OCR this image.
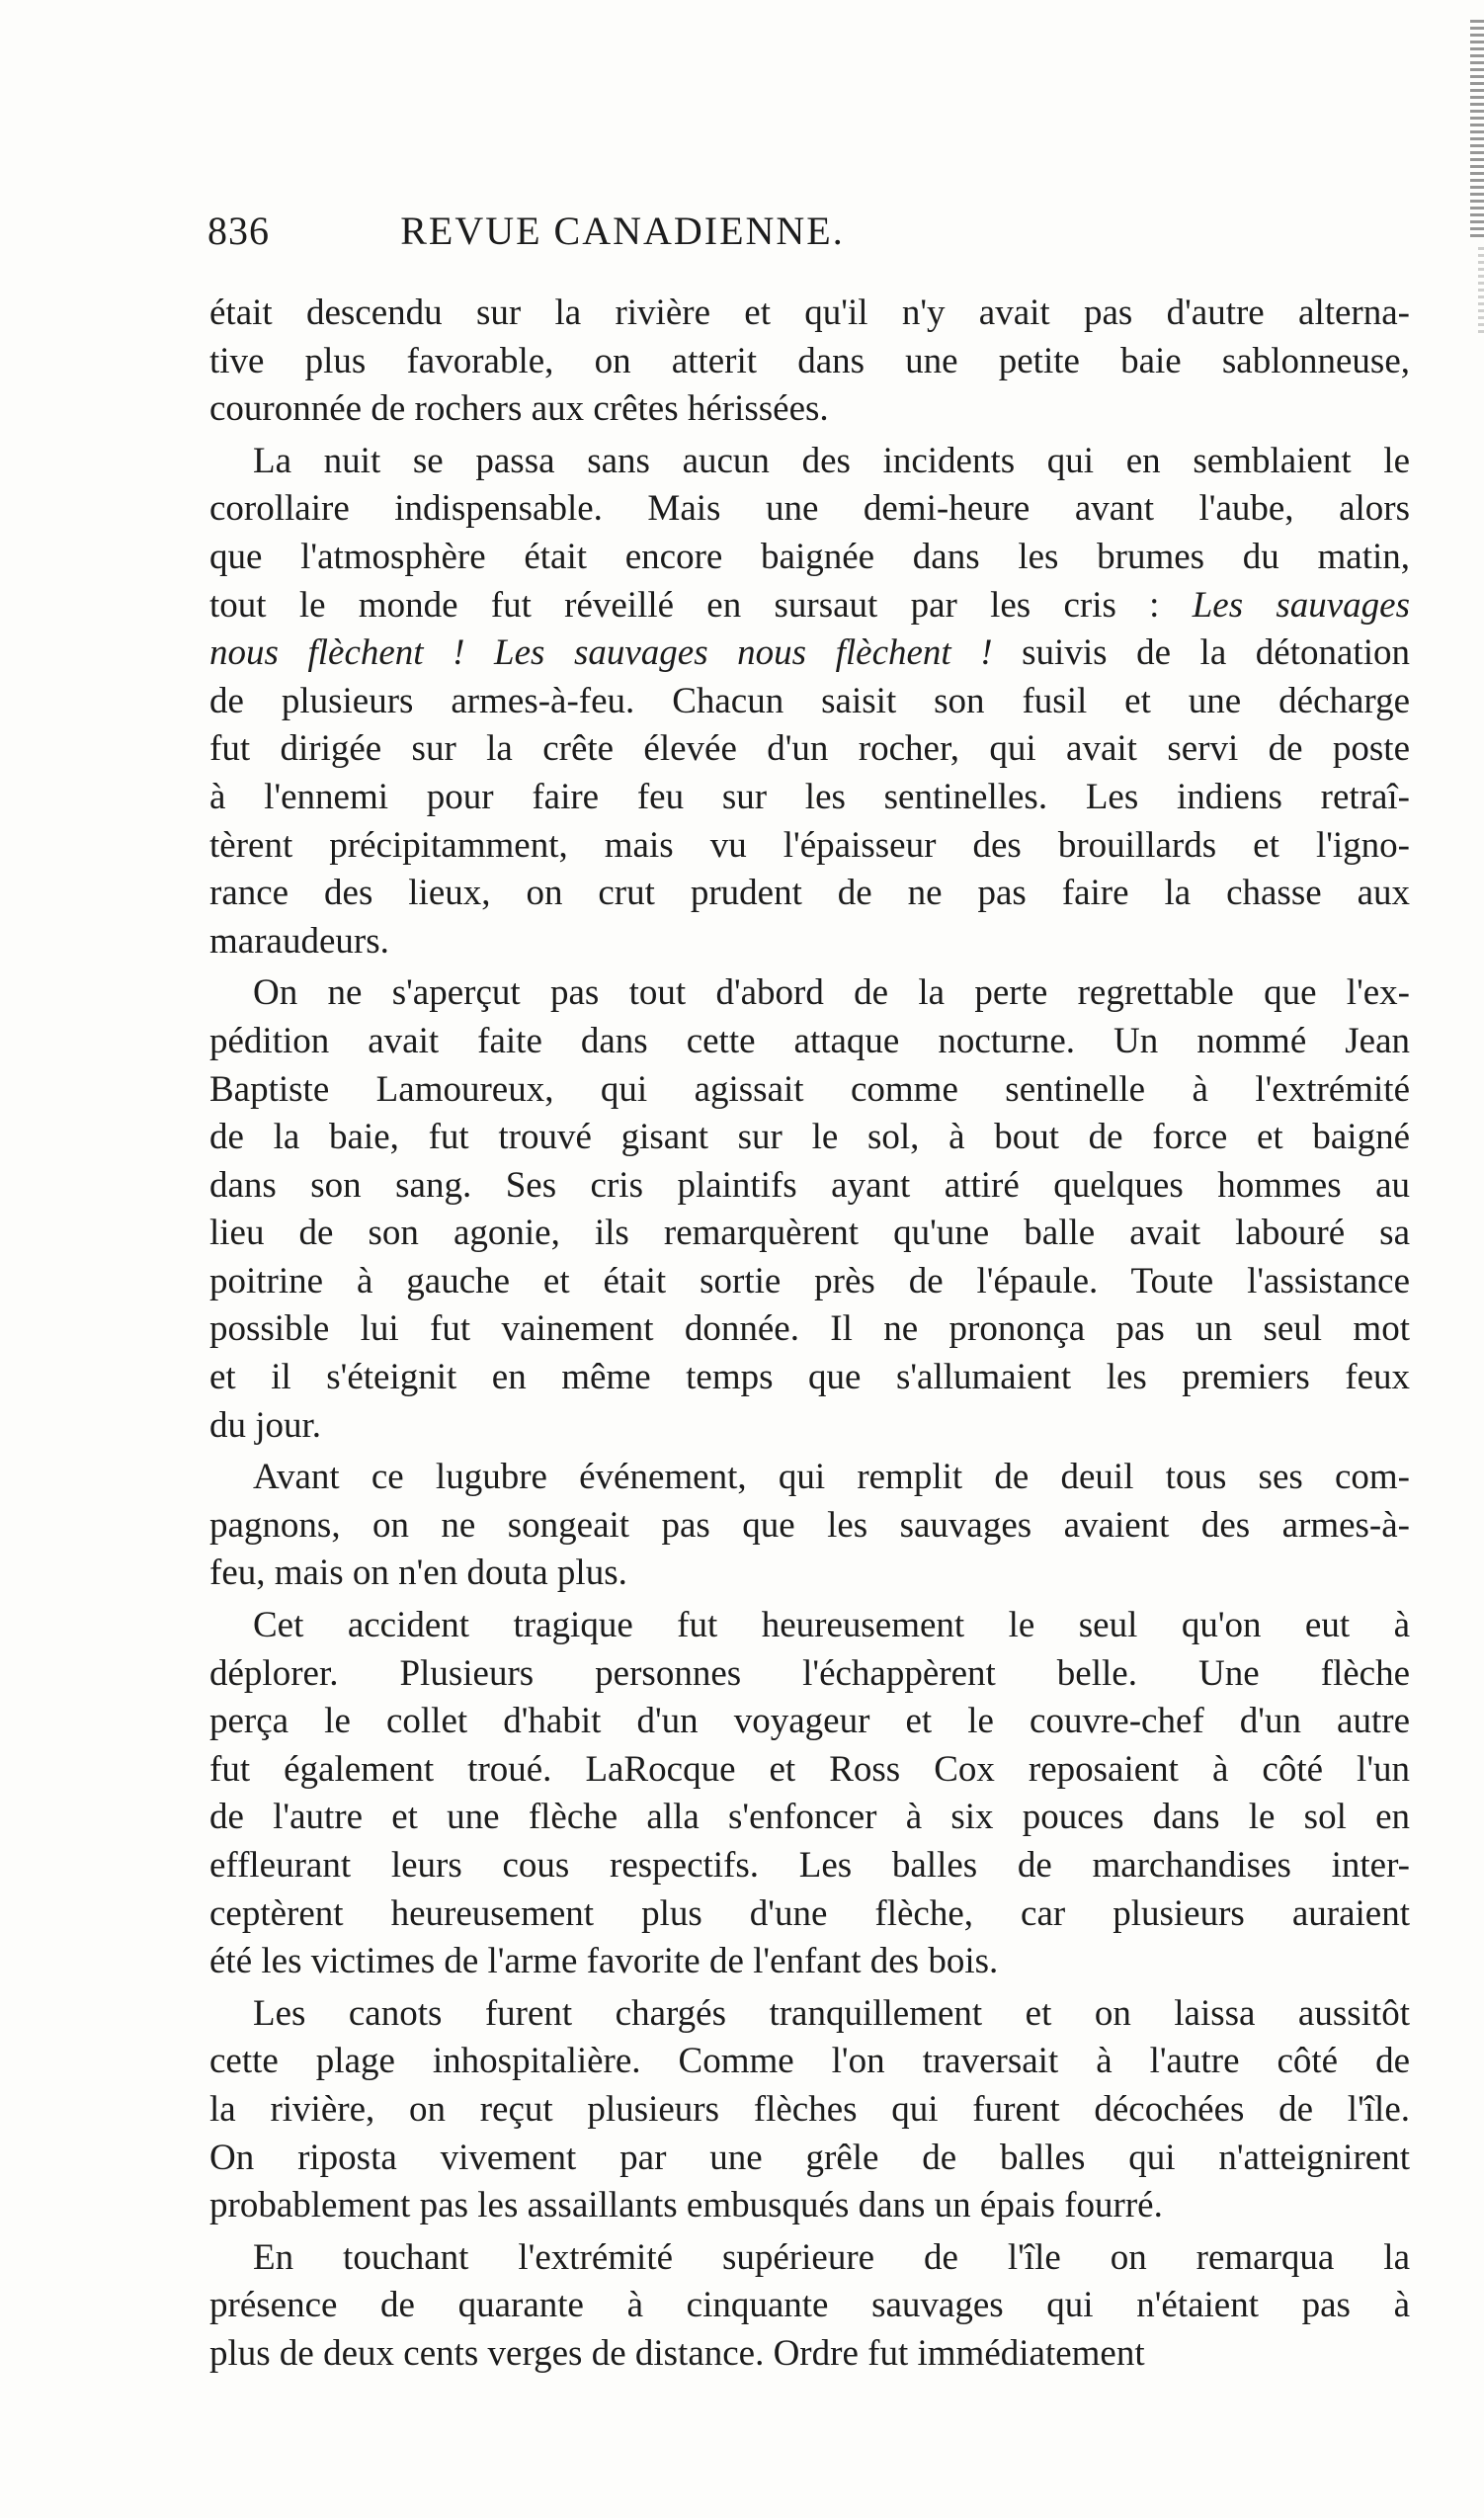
836	REVUE CANADIENNE.
était descendu sur la rivière et qu'il n'y avait pas d'autre alterna-
tive plus favorable, on atterit dans une petite baie sablonneuse,
couronnée de rochers aux crêtes hérissées.
La nuit se passa sans aucun des incidents qui en semblaient le
corollaire indispensable. Mais une demi-heure avant l'aube, alors
que l'atmosphère était encore baignée dans les brumes du matin,
tout le monde fut réveillé en sursaut par les cris : Les sauvages
nous flèchent ! Les sauvages nous flèchent ! suivis de la détonation
de plusieurs armes-à-feu. Chacun saisit son fusil et une décharge
fut dirigée sur la crête élevée d'un rocher, qui avait servi de poste
à l'ennemi pour faire feu sur les sentinelles. Les indiens retraî-
tèrent précipitamment, mais vu l'épaisseur des brouillards et l'igno-
rance des lieux, on crut prudent de ne pas faire la chasse aux
maraudeurs.
On ne s'aperçut pas tout d'abord de la perte regrettable que l'ex-
pédition avait faite dans cette attaque nocturne. Un nommé Jean
Baptiste Lamoureux, qui agissait comme sentinelle à l'extrémité
de la baie, fut trouvé gisant sur le sol, à bout de force et baigné
dans son sang. Ses cris plaintifs ayant attiré quelques hommes au
lieu de son agonie, ils remarquèrent qu'une balle avait labouré sa
poitrine à gauche et était sortie près de l'épaule. Toute l'assistance
possible lui fut vainement donnée. Il ne prononça pas un seul mot
et il s'éteignit en même temps que s'allumaient les premiers feux
du jour.
Avant ce lugubre événement, qui remplit de deuil tous ses com-
pagnons, on ne songeait pas que les sauvages avaient des armes-à-
feu, mais on n'en douta plus.
Cet accident tragique fut heureusement le seul qu'on eut à
déplorer. Plusieurs personnes l'échappèrent belle. Une flèche
perça le collet d'habit d'un voyageur et le couvre-chef d'un autre
fut également troué. LaRocque et Ross Cox reposaient à côté l'un
de l'autre et une flèche alla s'enfoncer à six pouces dans le sol en
effleurant leurs cous respectifs. Les balles de marchandises inter-
ceptèrent heureusement plus d'une flèche, car plusieurs auraient
été les victimes de l'arme favorite de l'enfant des bois.
Les canots furent chargés tranquillement et on laissa aussitôt
cette plage inhospitalière. Comme l'on traversait à l'autre côté de
la rivière, on reçut plusieurs flèches qui furent décochées de l'île.
On riposta vivement par une grêle de balles qui n'atteignirent
probablement pas les assaillants embusqués dans un épais fourré.
En touchant l'extrémité supérieure de l'île on remarqua la
présence de quarante à cinquante sauvages qui n'étaient pas à
plus de deux cents verges de distance. Ordre fut immédiatement
